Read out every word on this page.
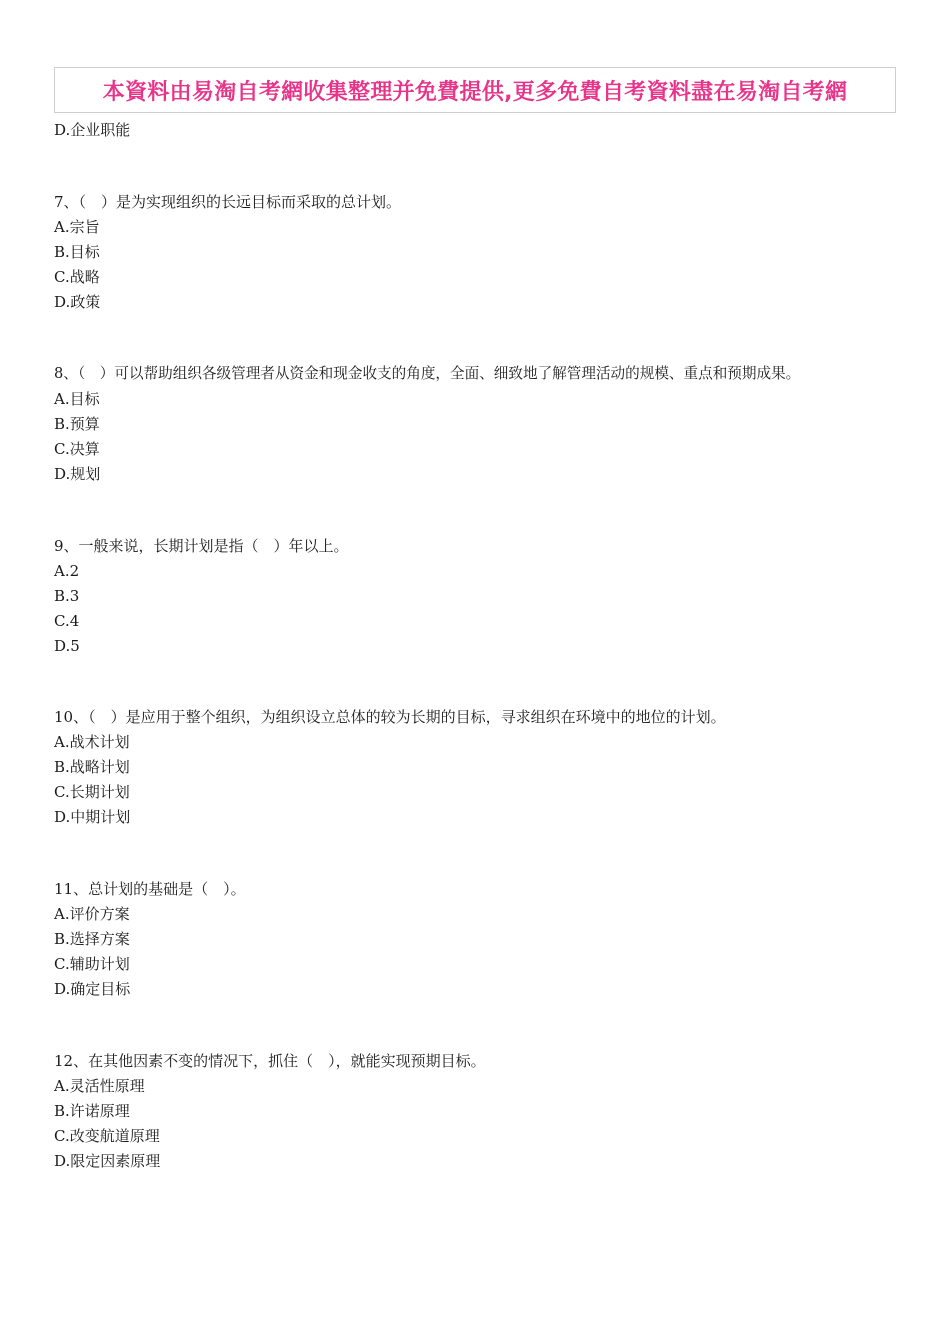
本資料由易淘自考網收集整理并免費提供,更多免費自考資料盡在易淘自考網
D.企业职能
7、（　）是为实现组织的长远目标而采取的总计划。
A.宗旨
B.目标
C.战略
D.政策
8、（　）可以帮助组织各级管理者从资金和现金收支的角度，全面、细致地了解管理活动的规模、重点和预期成果。
A.目标
B.预算
C.决算
D.规划
9、一般来说，长期计划是指（　）年以上。
A.2
B.3
C.4
D.5
10、（　）是应用于整个组织，为组织设立总体的较为长期的目标，寻求组织在环境中的地位的计划。
A.战术计划
B.战略计划
C.长期计划
D.中期计划
11、总计划的基础是（　）。
A.评价方案
B.选择方案
C.辅助计划
D.确定目标
12、在其他因素不变的情况下，抓住（　），就能实现预期目标。
A.灵活性原理
B.许诺原理
C.改变航道原理
D.限定因素原理
